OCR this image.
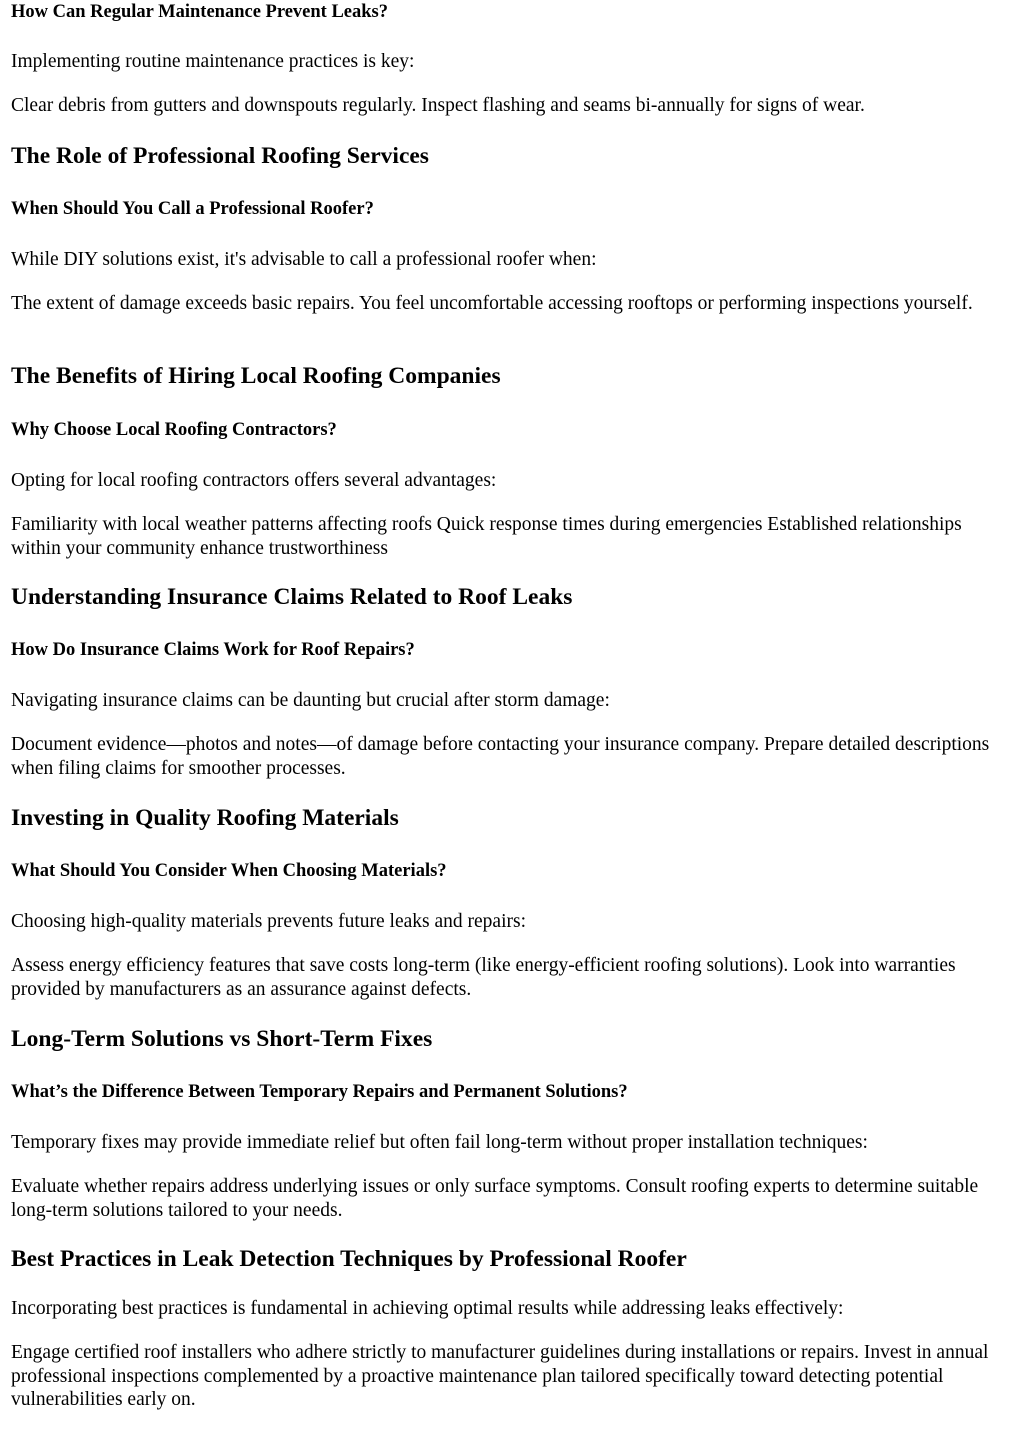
How Can Regular Maintenance Prevent Leaks?

Implementing routine maintenance practices is key:

Clear debris from gutters and downspouts regularly. Inspect flashing and seams bi-annually for signs of wear.

The Role of Professional Roofing Services
When Should You Call a Professional Roofer?

While DIY solutions exist, it's advisable to call a professional roofer when:

The extent of damage exceeds basic repairs. You feel uncomfortable accessing rooftops or performing inspections yourself.

The Benefits of Hiring Local Roofing Companies
Why Choose Local Roofing Contractors?

Opting for local roofing contractors offers several advantages:

Familiarity with local weather patterns affecting roofs Quick response times during emergencies Established relationships within your community enhance trustworthiness

Understanding Insurance Claims Related to Roof Leaks
How Do Insurance Claims Work for Roof Repairs?

Navigating insurance claims can be daunting but crucial after storm damage:

Document evidence—photos and notes—of damage before contacting your insurance company. Prepare detailed descriptions when filing claims for smoother processes.

Investing in Quality Roofing Materials
What Should You Consider When Choosing Materials?

Choosing high-quality materials prevents future leaks and repairs:

Assess energy efficiency features that save costs long-term (like energy-efficient roofing solutions). Look into warranties provided by manufacturers as an assurance against defects.

Long-Term Solutions vs Short-Term Fixes
What’s the Difference Between Temporary Repairs and Permanent Solutions?

Temporary fixes may provide immediate relief but often fail long-term without proper installation techniques:

Evaluate whether repairs address underlying issues or only surface symptoms. Consult roofing experts to determine suitable long-term solutions tailored to your needs.

Best Practices in Leak Detection Techniques by Professional Roofer

Incorporating best practices is fundamental in achieving optimal results while addressing leaks effectively:

Engage certified roof installers who adhere strictly to manufacturer guidelines during installations or repairs. Invest in annual professional inspections complemented by a proactive maintenance plan tailored specifically toward detecting potential vulnerabilities early on.
